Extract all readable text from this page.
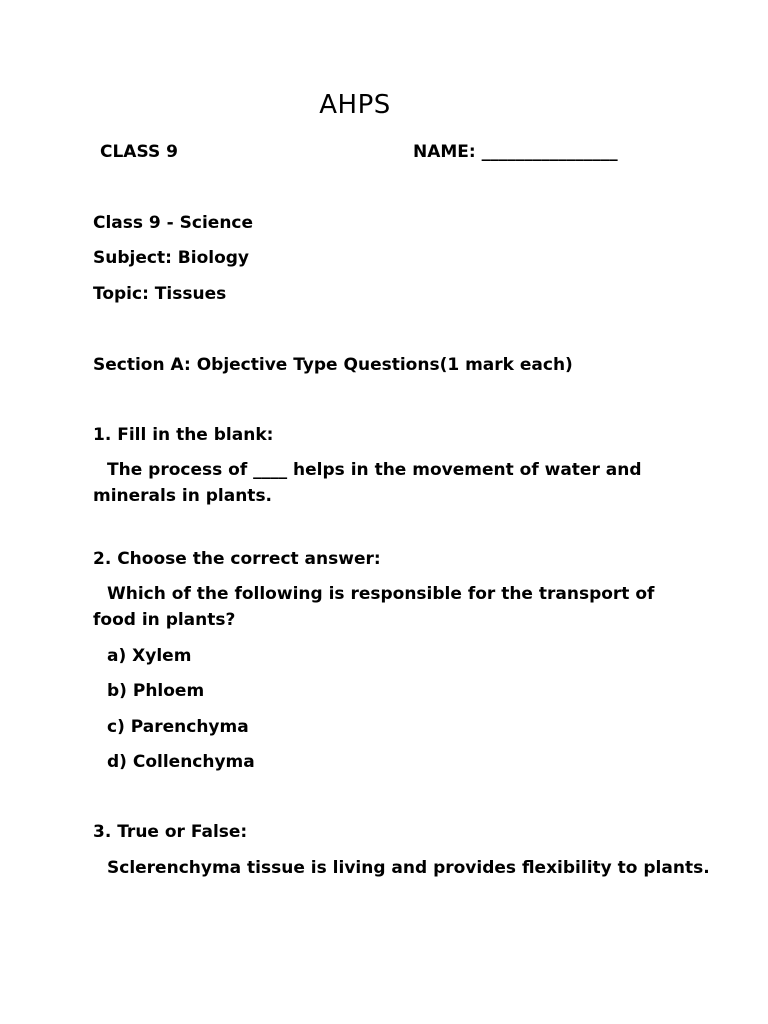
AHPS
CLASS 9	NAME: ________________
Class 9 - Science
Subject: Biology
Topic: Tissues
Section A: Objective Type Questions(1 mark each)
1. Fill in the blank:
The process of ____ helps in the movement of water and minerals in plants.
2. Choose the correct answer:
Which of the following is responsible for the transport of food in plants?
a) Xylem
b) Phloem
c) Parenchyma
d) Collenchyma
3. True or False:
Sclerenchyma tissue is living and provides flexibility to plants.
